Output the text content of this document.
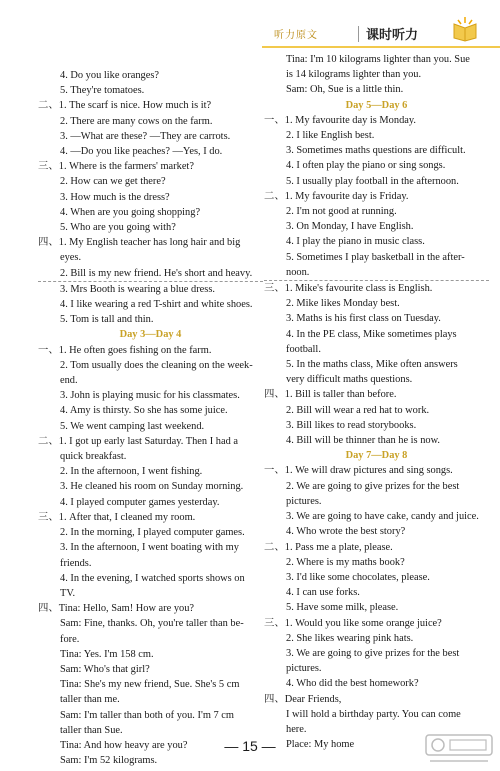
听力原文	课时听力
4. Do you like oranges?
5. They're tomatoes.
二、1. The scarf is nice. How much is it?
2. There are many cows on the farm.
3. —What are these? —They are carrots.
4. —Do you like peaches? —Yes, I do.
三、1. Where is the farmers' market?
2. How can we get there?
3. How much is the dress?
4. When are you going shopping?
5. Who are you going with?
四、1. My English teacher has long hair and big
eyes.
2. Bill is my new friend. He's short and heavy.
3. Mrs Booth is wearing a blue dress.
4. I like wearing a red T-shirt and white shoes.
5. Tom is tall and thin.
Day 3—Day 4
一、1. He often goes fishing on the farm.
2. Tom usually does the cleaning on the week-
end.
3. John is playing music for his classmates.
4. Amy is thirsty. So she has some juice.
5. We went camping last weekend.
二、1. I got up early last Saturday. Then I had a
quick breakfast.
2. In the afternoon, I went fishing.
3. He cleaned his room on Sunday morning.
4. I played computer games yesterday.
三、1. After that, I cleaned my room.
2. In the morning, I played computer games.
3. In the afternoon, I went boating with my
friends.
4. In the evening, I watched sports shows on
TV.
四、Tina: Hello, Sam! How are you?
Sam: Fine, thanks. Oh, you're taller than be-
fore.
Tina: Yes. I'm 158 cm.
Sam: Who's that girl?
Tina: She's my new friend, Sue. She's 5 cm
taller than me.
Sam: I'm taller than both of you. I'm 7 cm
taller than Sue.
Tina: And how heavy are you?
Sam: I'm 52 kilograms.
Tina: I'm 10 kilograms lighter than you. Sue
is 14 kilograms lighter than you.
Sam: Oh, Sue is a little thin.
Day 5—Day 6
一、1. My favourite day is Monday.
2. I like English best.
3. Sometimes maths questions are difficult.
4. I often play the piano or sing songs.
5. I usually play football in the afternoon.
二、1. My favourite day is Friday.
2. I'm not good at running.
3. On Monday, I have English.
4. I play the piano in music class.
5. Sometimes I play basketball in the after-
noon.
三、1. Mike's favourite class is English.
2. Mike likes Monday best.
3. Maths is his first class on Tuesday.
4. In the PE class, Mike sometimes plays
football.
5. In the maths class, Mike often answers
very difficult maths questions.
四、1. Bill is taller than before.
2. Bill will wear a red hat to work.
3. Bill likes to read storybooks.
4. Bill will be thinner than he is now.
Day 7—Day 8
一、1. We will draw pictures and sing songs.
2. We are going to give prizes for the best
pictures.
3. We are going to have cake, candy and juice.
4. Who wrote the best story?
二、1. Pass me a plate, please.
2. Where is my maths book?
3. I'd like some chocolates, please.
4. I can use forks.
5. Have some milk, please.
三、1. Would you like some orange juice?
2. She likes wearing pink hats.
3. We are going to give prizes for the best
pictures.
4. Who did the best homework?
四、Dear Friends,
I will hold a birthday party. You can come
here.
Place: My home
— 15 —
